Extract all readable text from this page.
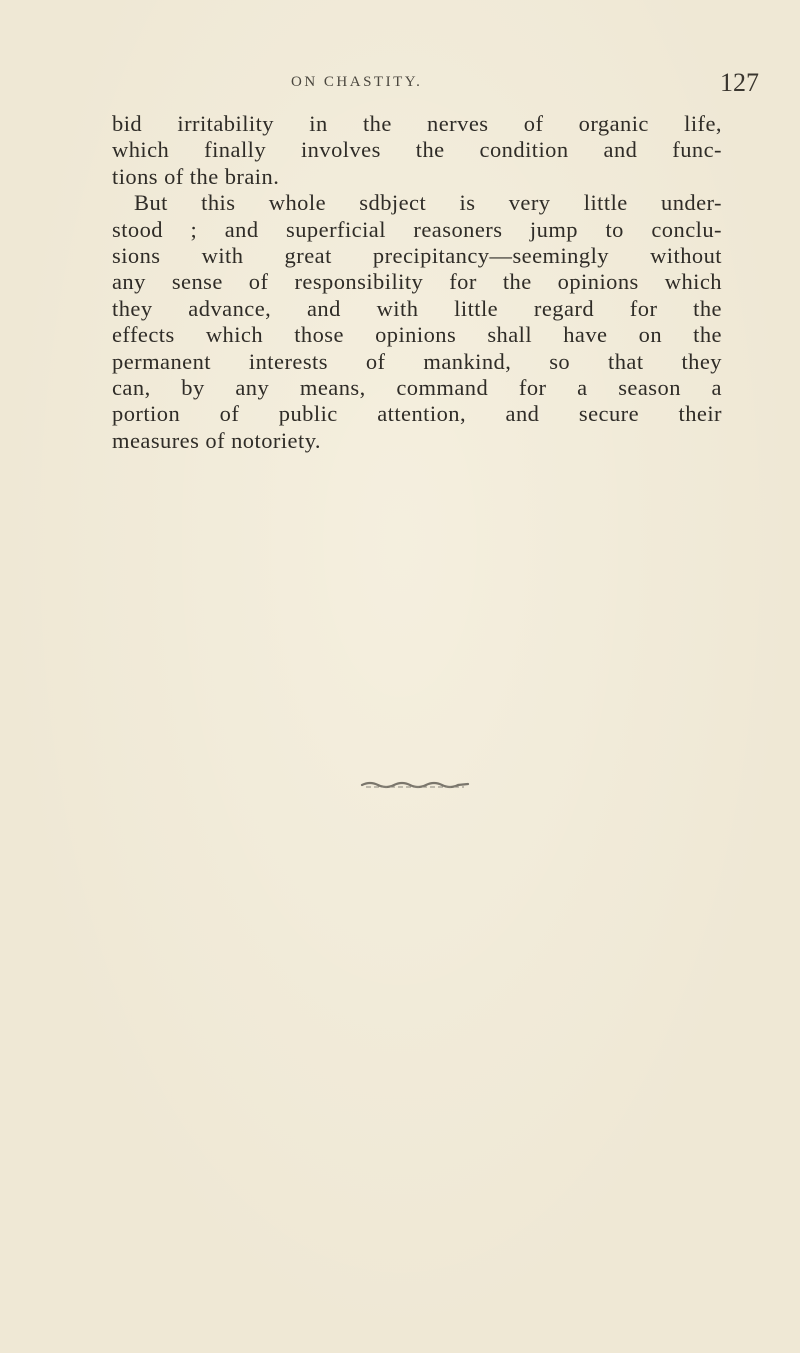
ON CHASTITY.	127
bid irritability in the nerves of organic life,
which finally involves the condition and func-
tions of the brain.
But this whole sdbject is very little under-
stood ; and superficial reasoners jump to conclu-
sions with great precipitancy—seemingly without
any sense of responsibility for the opinions which
they advance, and with little regard for the
effects which those opinions shall have on the
permanent interests of mankind, so that they
can, by any means, command for a season a
portion of public attention, and secure their
measures of notoriety.
